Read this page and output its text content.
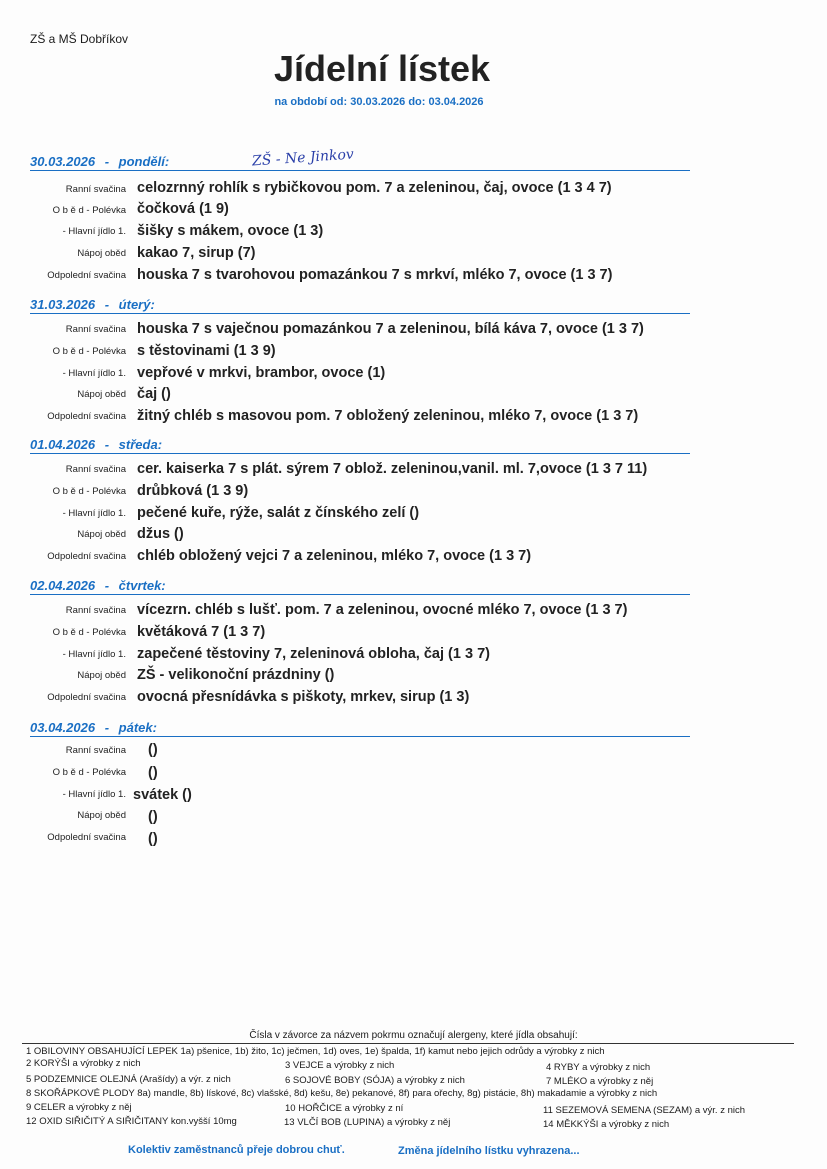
ZŠ a MŠ Dobříkov
Jídelní lístek
na období od: 30.03.2026 do: 03.04.2026
30.03.2026 - pondělí:	ZŠ - Ne Jinkov
Ranní svačina celozrnný rohlík s rybičkovou pom. 7 a zeleninou, čaj, ovoce (1 3 4 7)
O b ě d - Polévka čočková (1 9)
- Hlavní jídlo 1. šišky s mákem, ovoce (1 3)
Nápoj oběd kakao 7, sirup (7)
Odpolední svačina houska 7 s tvarohovou pomazánkou 7 s mrkví, mléko 7, ovoce (1 3 7)
31.03.2026 - úterý:
Ranní svačina houska 7 s vaječnou pomazánkou 7 a zeleninou, bílá káva 7, ovoce (1 3 7)
O b ě d - Polévka s těstovinami (1 3 9)
- Hlavní jídlo 1. vepřové v mrkvi, brambor, ovoce (1)
Nápoj oběd čaj ()
Odpolední svačina žitný chléb s masovou pom. 7 obložený zeleninou, mléko 7, ovoce (1 3 7)
01.04.2026 - středa:
Ranní svačina cer. kaiserka 7 s plát. sýrem 7 oblož. zeleninou,vanil. ml. 7,ovoce (1 3 7 11)
O b ě d - Polévka drůbková (1 3 9)
- Hlavní jídlo 1. pečené kuře, rýže, salát z čínského zelí ()
Nápoj oběd džus ()
Odpolední svačina chléb obložený vejci 7 a zeleninou, mléko 7, ovoce (1 3 7)
02.04.2026 - čtvrtek:
Ranní svačina vícezrn. chléb s lušť. pom. 7 a zeleninou, ovocné mléko 7, ovoce (1 3 7)
O b ě d - Polévka květáková 7 (1 3 7)
- Hlavní jídlo 1. zapečené těstoviny 7, zeleninová obloha, čaj (1 3 7)
Nápoj oběd ZŠ - velikonoční prázdniny ()
Odpolední svačina ovocná přesnídávka s piškoty, mrkev, sirup (1 3)
03.04.2026 - pátek:
Ranní svačina ()
O b ě d - Polévka ()
- Hlavní jídlo 1. svátek ()
Nápoj oběd ()
Odpolední svačina ()
Čísla v závorce za názvem pokrmu označují alergeny, které jídla obsahují:
1 OBILOVINY OBSAHUJÍCÍ LEPEK 1a) pšenice, 1b) žito, 1c) ječmen, 1d) oves, 1e) špalda, 1f) kamut nebo jejich odrůdy a výrobky z nich
2 KORÝŠI a výrobky z nich	3 VEJCE a výrobky z nich	4 RYBY a výrobky z nich
5 PODZEMNICE OLEJNÁ (Arašídy) a výr. z nich	6 SOJOVÉ BOBY (SÓJA) a výrobky z nich	7 MLÉKO a výrobky z něj
8 SKOŘÁPKOVÉ PLODY 8a) mandle, 8b) lískové, 8c) vlašské, 8d) kešu, 8e) pekanové, 8f) para ořechy, 8g) pistácie, 8h) makadamie a výrobky z nich
9 CELER a výrobky z něj	10 HOŘČICE a výrobky z ní	11 SEZEMOVÁ SEMENA (SEZAM) a výr. z nich
12 OXID SIŘIČITÝ A SIŘIČITANY kon.vyšší 10mg	13 VLČÍ BOB (LUPINA) a výrobky z něj	14 MĚKKÝŠI a výrobky z nich
Kolektiv zaměstnanců přeje dobrou chuť.	Změna jídelního lístku vyhrazena...
